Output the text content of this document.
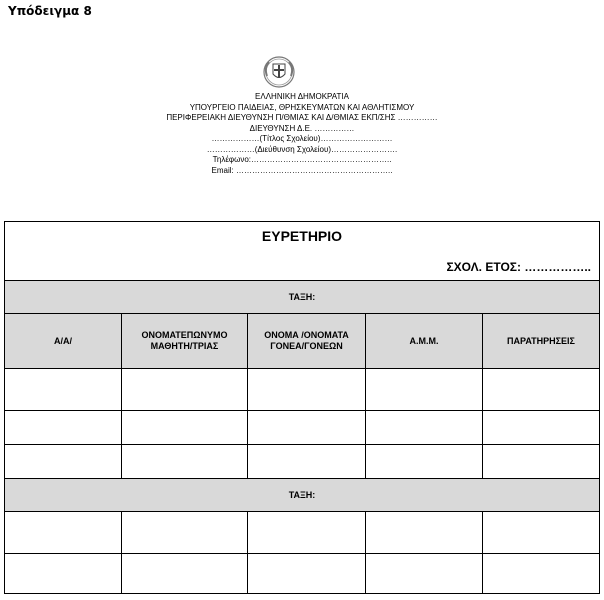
Υπόδειγμα 8
ΕΛΛΗΝΙΚΗ ΔΗΜΟΚΡΑΤΙΑ
ΥΠΟΥΡΓΕΙΟ ΠΑΙΔΕΙΑΣ, ΘΡΗΣΚΕΥΜΑΤΩΝ ΚΑΙ ΑΘΛΗΤΙΣΜΟΥ
ΠΕΡΙΦΕΡΕΙΑΚΗ ΔΙΕΥΘΥΝΣΗ Π/ΘΜΙΑΣ ΚΑΙ Δ/ΘΜΙΑΣ ΕΚΠ/ΣΗΣ ……………
ΔΙΕΥΘΥΝΣΗ Δ.Ε. ……………
………………(Τίτλος Σχολείου)………………………
………………(Διεύθυνση Σχολείου)…………………….
Τηλέφωνο:……………………………………………..
Email: …………………………………………………..
ΕΥΡΕΤΗΡΙΟ
ΣΧΟΛ. ΕΤΟΣ: ……………..
ΤΑΞΗ:
Α/Α/
ΟΝΟΜΑΤΕΠΩΝΥΜΟ ΜΑΘΗΤΗ/ΤΡΙΑΣ
ΟΝΟΜΑ /ΟΝΟΜΑΤΑ ΓΟΝΕΑ/ΓΟΝΕΩΝ
Α.Μ.Μ.	ΠΑΡΑΤΗΡΗΣΕΙΣ
ΤΑΞΗ:
